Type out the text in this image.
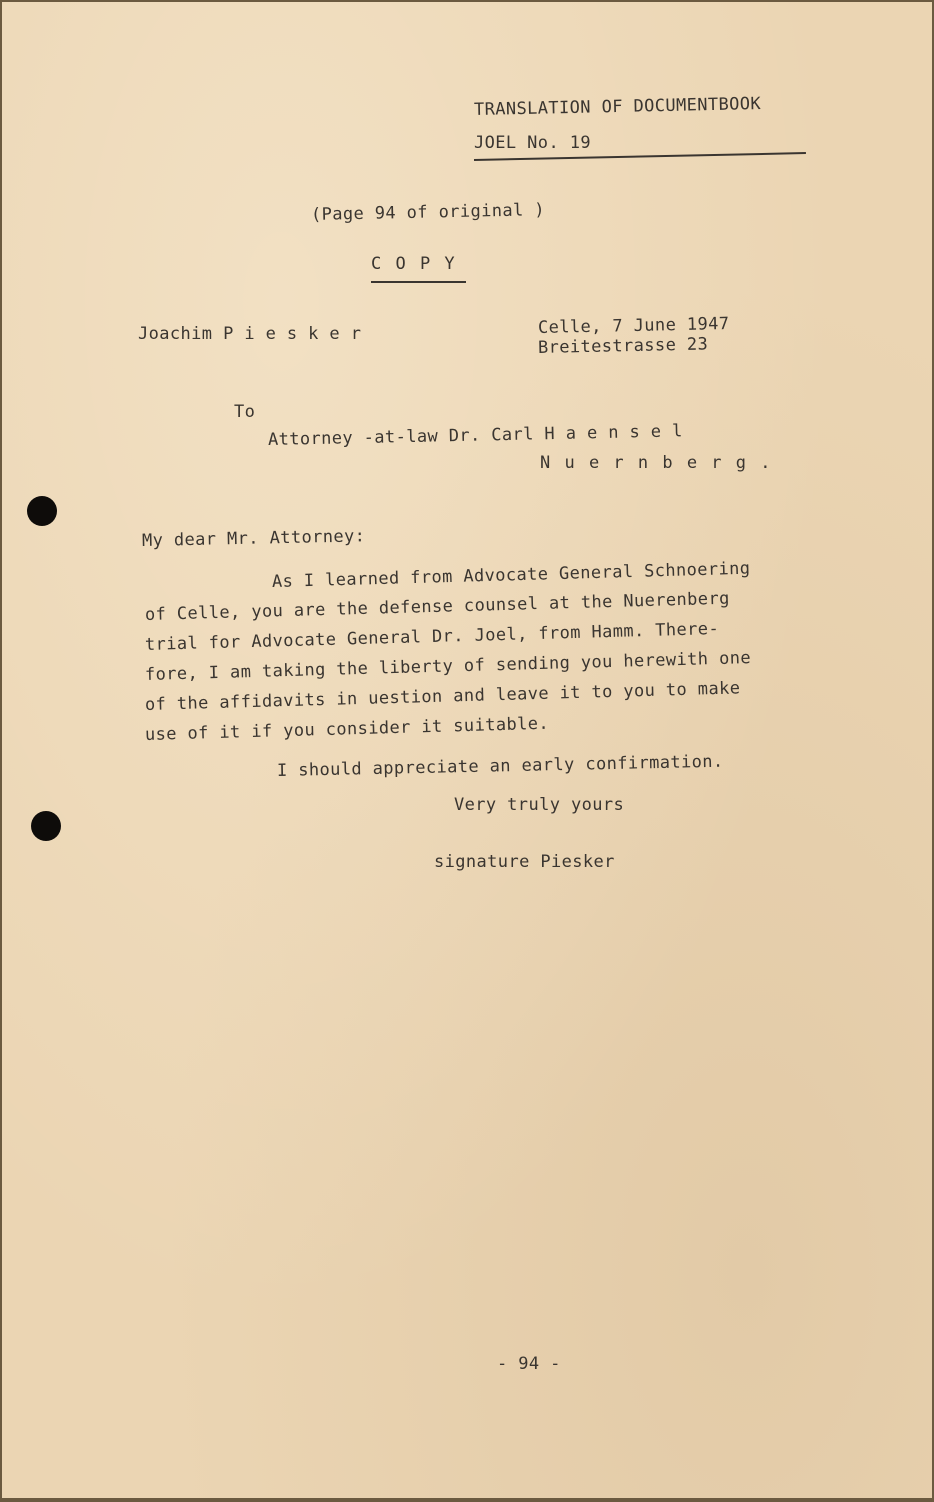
TRANSLATION OF DOCUMENTBOOK
JOEL No. 19
(Page 94 of original )
C O P Y
Joachim P i e s k e r	Celle, 7 June 1947
Breitestrasse 23
To
Attorney -at-law Dr. Carl H a e n s e l
N u e r n b e r g .
My dear Mr. Attorney:
As I learned from Advocate General Schnoering
of Celle, you are the defense counsel at the Nuerenberg
trial for Advocate General Dr. Joel, from Hamm. There-
fore, I am taking the liberty of sending you herewith one
of the affidavits in uestion and leave it to you to make
use of it if you consider it suitable.
I should appreciate an early confirmation.
Very truly yours
signature Piesker
- 94 -
